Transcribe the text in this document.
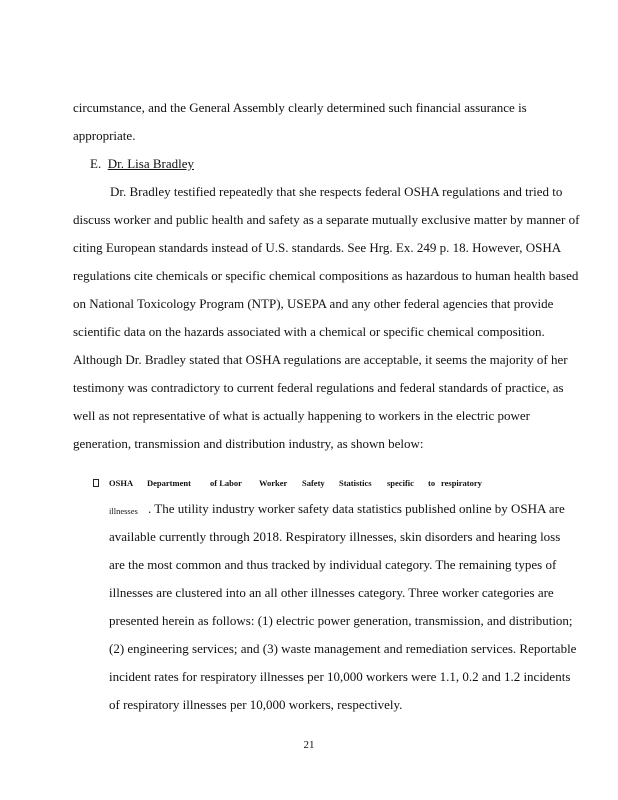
circumstance, and the General Assembly clearly determined such financial assurance is
appropriate.
E. Dr. Lisa Bradley
Dr. Bradley testified repeatedly that she respects federal OSHA regulations and tried to
discuss worker and public health and safety as a separate mutually exclusive matter by manner of
citing European standards instead of U.S. standards. See Hrg. Ex. 249 p. 18. However, OSHA
regulations cite chemicals or specific chemical compositions as hazardous to human health based
on National Toxicology Program (NTP), USEPA and any other federal agencies that provide
scientific data on the hazards associated with a chemical or specific chemical composition.
Although Dr. Bradley stated that OSHA regulations are acceptable, it seems the majority of her
testimony was contradictory to current federal regulations and federal standards of practice, as
well as not representative of what is actually happening to workers in the electric power
generation, transmission and distribution industry, as shown below:
OSHA Department of Labor Worker Safety Statistics specific to respiratory
illnesses . The utility industry worker safety data statistics published online by OSHA are
available currently through 2018. Respiratory illnesses, skin disorders and hearing loss
are the most common and thus tracked by individual category. The remaining types of
illnesses are clustered into an all other illnesses category. Three worker categories are
presented herein as follows: (1) electric power generation, transmission, and distribution;
(2) engineering services; and (3) waste management and remediation services. Reportable
incident rates for respiratory illnesses per 10,000 workers were 1.1, 0.2 and 1.2 incidents
of respiratory illnesses per 10,000 workers, respectively.
21
